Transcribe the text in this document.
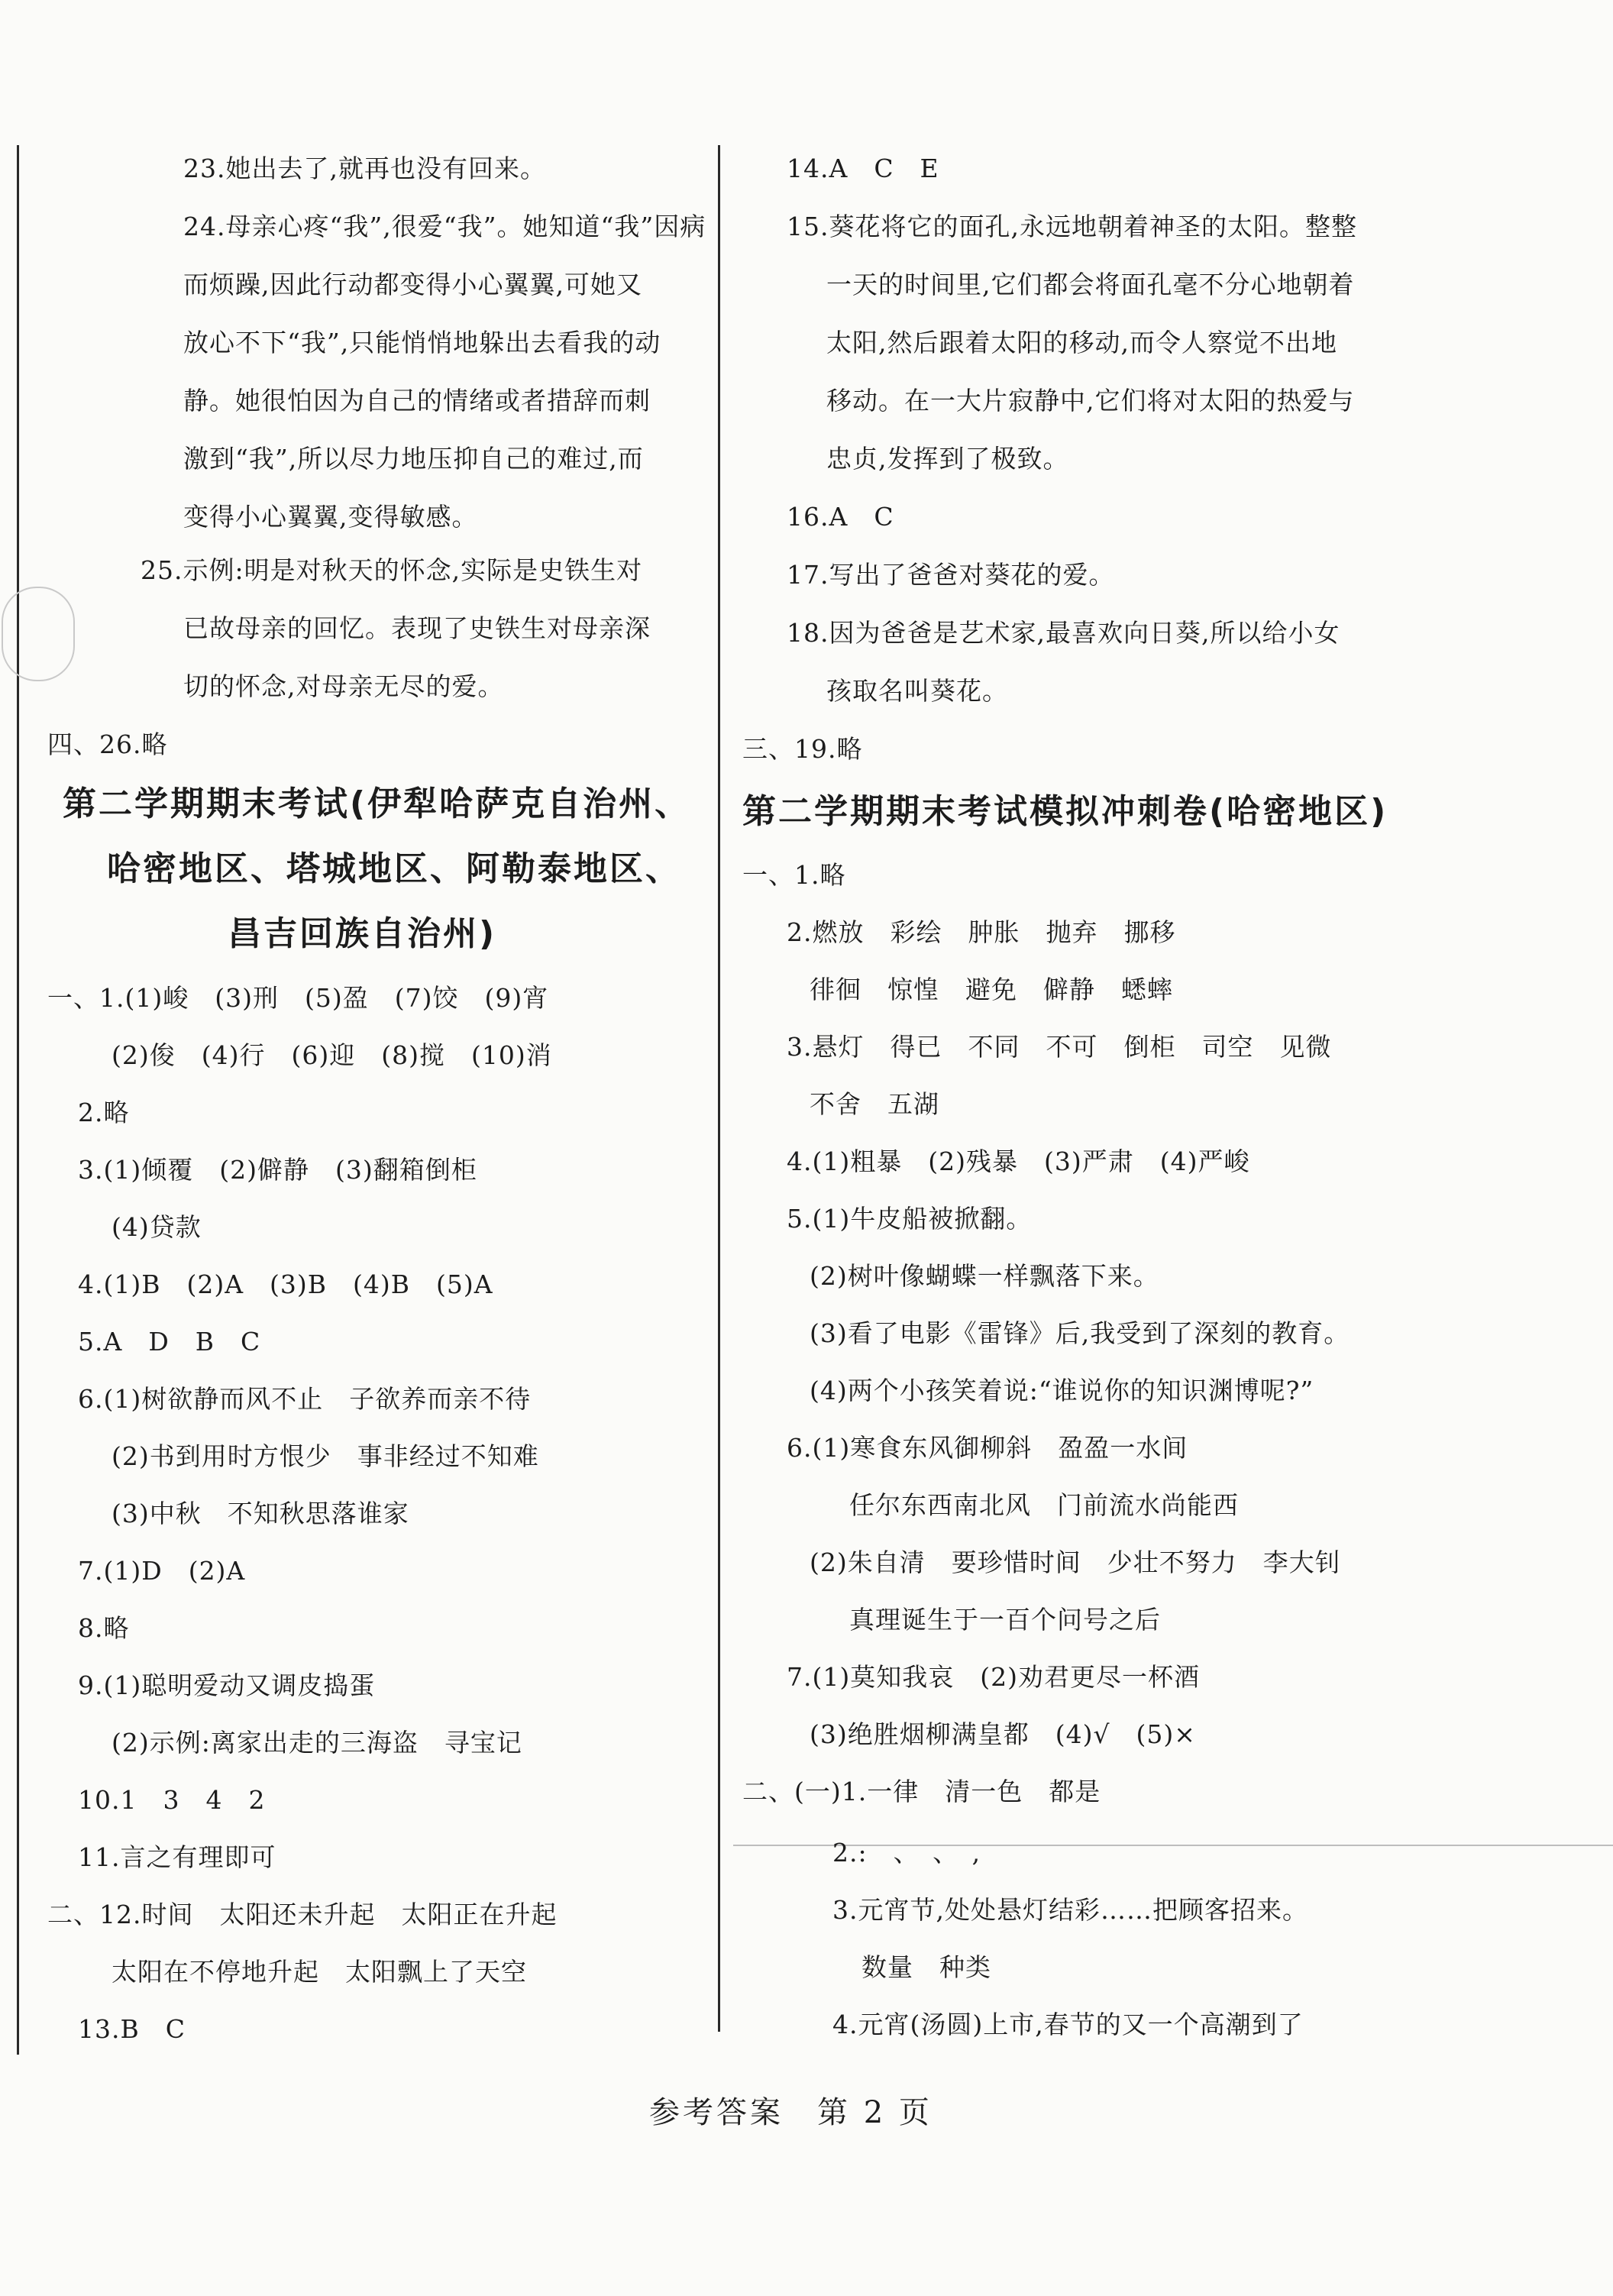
23.她出去了,就再也没有回来。
24.母亲心疼“我”,很爱“我”。她知道“我”因病
而烦躁,因此行动都变得小心翼翼,可她又
放心不下“我”,只能悄悄地躲出去看我的动
静。她很怕因为自己的情绪或者措辞而刺
激到“我”,所以尽力地压抑自己的难过,而
变得小心翼翼,变得敏感。
25.示例:明是对秋天的怀念,实际是史铁生对
已故母亲的回忆。表现了史铁生对母亲深
切的怀念,对母亲无尽的爱。
四、26.略
第二学期期末考试(伊犁哈萨克自治州、
哈密地区、塔城地区、阿勒泰地区、
昌吉回族自治州)
一、1.(1)峻　(3)刑　(5)盈　(7)饺　(9)宵
(2)俊　(4)行　(6)迎　(8)搅　(10)消
2.略
3.(1)倾覆　(2)僻静　(3)翻箱倒柜
(4)贷款
4.(1)B　(2)A　(3)B　(4)B　(5)A
5.A　D　B　C
6.(1)树欲静而风不止　子欲养而亲不待
(2)书到用时方恨少　事非经过不知难
(3)中秋　不知秋思落谁家
7.(1)D　(2)A
8.略
9.(1)聪明爱动又调皮捣蛋
(2)示例:离家出走的三海盗　寻宝记
10.1　3　4　2
11.言之有理即可
二、12.时间　太阳还未升起　太阳正在升起
太阳在不停地升起　太阳飘上了天空
13.B　C
14.A　C　E
15.葵花将它的面孔,永远地朝着神圣的太阳。整整
一天的时间里,它们都会将面孔毫不分心地朝着
太阳,然后跟着太阳的移动,而令人察觉不出地
移动。在一大片寂静中,它们将对太阳的热爱与
忠贞,发挥到了极致。
16.A　C
17.写出了爸爸对葵花的爱。
18.因为爸爸是艺术家,最喜欢向日葵,所以给小女
孩取名叫葵花。
三、19.略
第二学期期末考试模拟冲刺卷(哈密地区)
一、1.略
2.燃放　彩绘　肿胀　抛弃　挪移
徘徊　惊惶　避免　僻静　蟋蟀
3.悬灯　得已　不同　不可　倒柜　司空　见微
不舍　五湖
4.(1)粗暴　(2)残暴　(3)严肃　(4)严峻
5.(1)牛皮船被掀翻。
(2)树叶像蝴蝶一样飘落下来。
(3)看了电影《雷锋》后,我受到了深刻的教育。
(4)两个小孩笑着说:“谁说你的知识渊博呢?”
6.(1)寒食东风御柳斜　盈盈一水间
任尔东西南北风　门前流水尚能西
(2)朱自清　要珍惜时间　少壮不努力　李大钊
真理诞生于一百个问号之后
7.(1)莫知我哀　(2)劝君更尽一杯酒
(3)绝胜烟柳满皇都　(4)√　(5)×
二、(一)1.一律　清一色　都是
2.:　、　、　,
3.元宵节,处处悬灯结彩……把顾客招来。
数量　种类
4.元宵(汤圆)上市,春节的又一个高潮到了
参考答案　第 2 页
